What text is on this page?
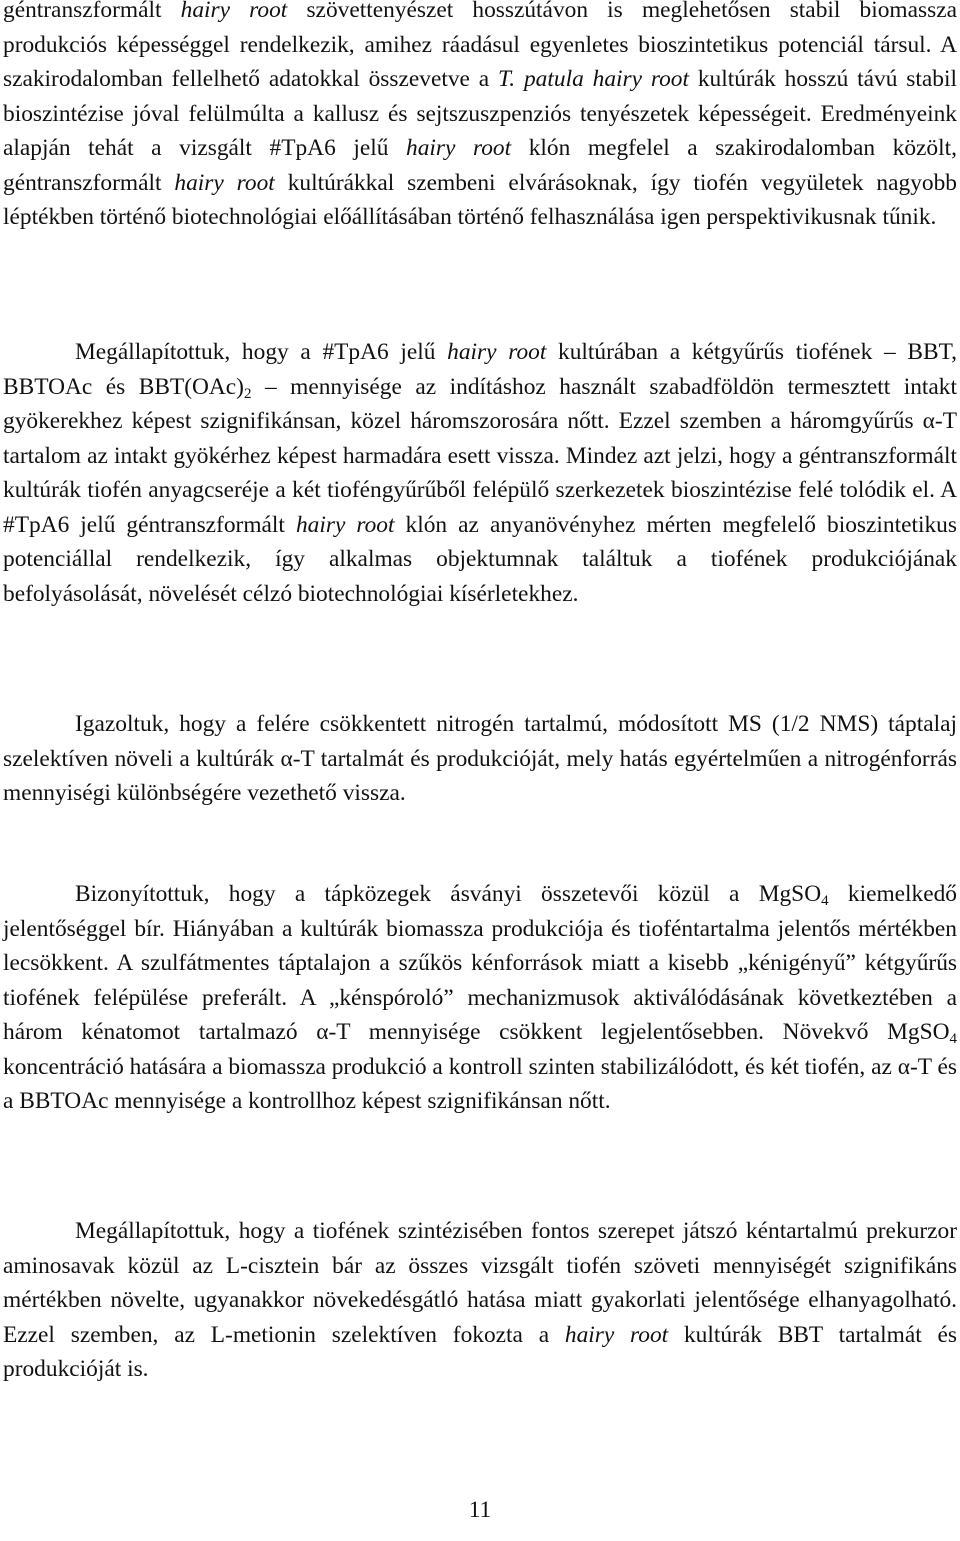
géntranszformált hairy root szövettenyészet hosszútávon is meglehetősen stabil biomassza produkciós képességgel rendelkezik, amihez ráadásul egyenletes bioszintetikus potenciál társul. A szakirodalomban fellelhető adatokkal összevetve a T. patula hairy root kultúrák hosszú távú stabil bioszintézise jóval felülmúlta a kallusz és sejtszuszpenziós tenyészetek képességeit. Eredményeink alapján tehát a vizsgált #TpA6 jelű hairy root klón megfelel a szakirodalomban közölt, géntranszformált hairy root kultúrákkal szembeni elvárásoknak, így tiofén vegyületek nagyobb léptékben történő biotechnológiai előállításában történő felhasználása igen perspektivikusnak tűnik.

Megállapítottuk, hogy a #TpA6 jelű hairy root kultúrában a kétgyűrűs tiofének – BBT, BBTOAc és $BBT(OAc)_2$ – mennyisége az indításhoz használt szabadföldön termesztett intakt gyökerekhez képest szignifikánsan, közel háromszorosára nőtt. Ezzel szemben a háromgyűrűs α-T tartalom az intakt gyökérhez képest harmadára esett vissza. Mindez azt jelzi, hogy a géntranszformált kultúrák tiofén anyagcseréje a két tioféngyűrűből felépülő szerkezetek bioszintézise felé tolódik el. A #TpA6 jelű géntranszformált hairy root klón az anyanövényhez mérten megfelelő bioszintetikus potenciállal rendelkezik, így alkalmas objektumnak találtuk a tiofének produkciójának befolyásolását, növelését célzó biotechnológiai kísérletekhez.

Igazoltuk, hogy a felére csökkentett nitrogén tartalmú, módosított MS (1/2 NMS) táptalaj szelektíven növeli a kultúrák α-T tartalmát és produkcióját, mely hatás egyértelműen a nitrogénforrás mennyiségi különbségére vezethető vissza.

Bizonyítottuk, hogy a tápközegek ásványi összetevői közül a MgSO$_4$ kiemelkedő jelentőséggel bír. Hiányában a kultúrák biomassza produkciója és tioféntartalma jelentős mértékben lecsökkent. A szulfátmentes táptalajon a szűkös kénforrások miatt a kisebb „kénigényű” kétgyűrűs tiofének felépülése preferált. A „kénspóroló” mechanizmusok aktiválódásának következtében a három kénatomot tartalmazó α-T mennyisége csökkent legjelentősebben. Növekvő MgSO$_4$ koncentráció hatására a biomassza produkció a kontroll szinten stabilizálódott, és két tiofén, az α-T és a BBTOAc mennyisége a kontrollhoz képest szignifikánsan nőtt.

Megállapítottuk, hogy a tiofének szintézisében fontos szerepet játszó kéntartalmú prekurzor aminosavak közül az L-cisztein bár az összes vizsgált tiofén szöveti mennyiségét szignifikáns mértékben növelte, ugyanakkor növekedésgátló hatása miatt gyakorlati jelentősége elhanyagolható. Ezzel szemben, az L-metionin szelektíven fokozta a hairy root kultúrák BBT tartalmát és produkcióját is.

11
